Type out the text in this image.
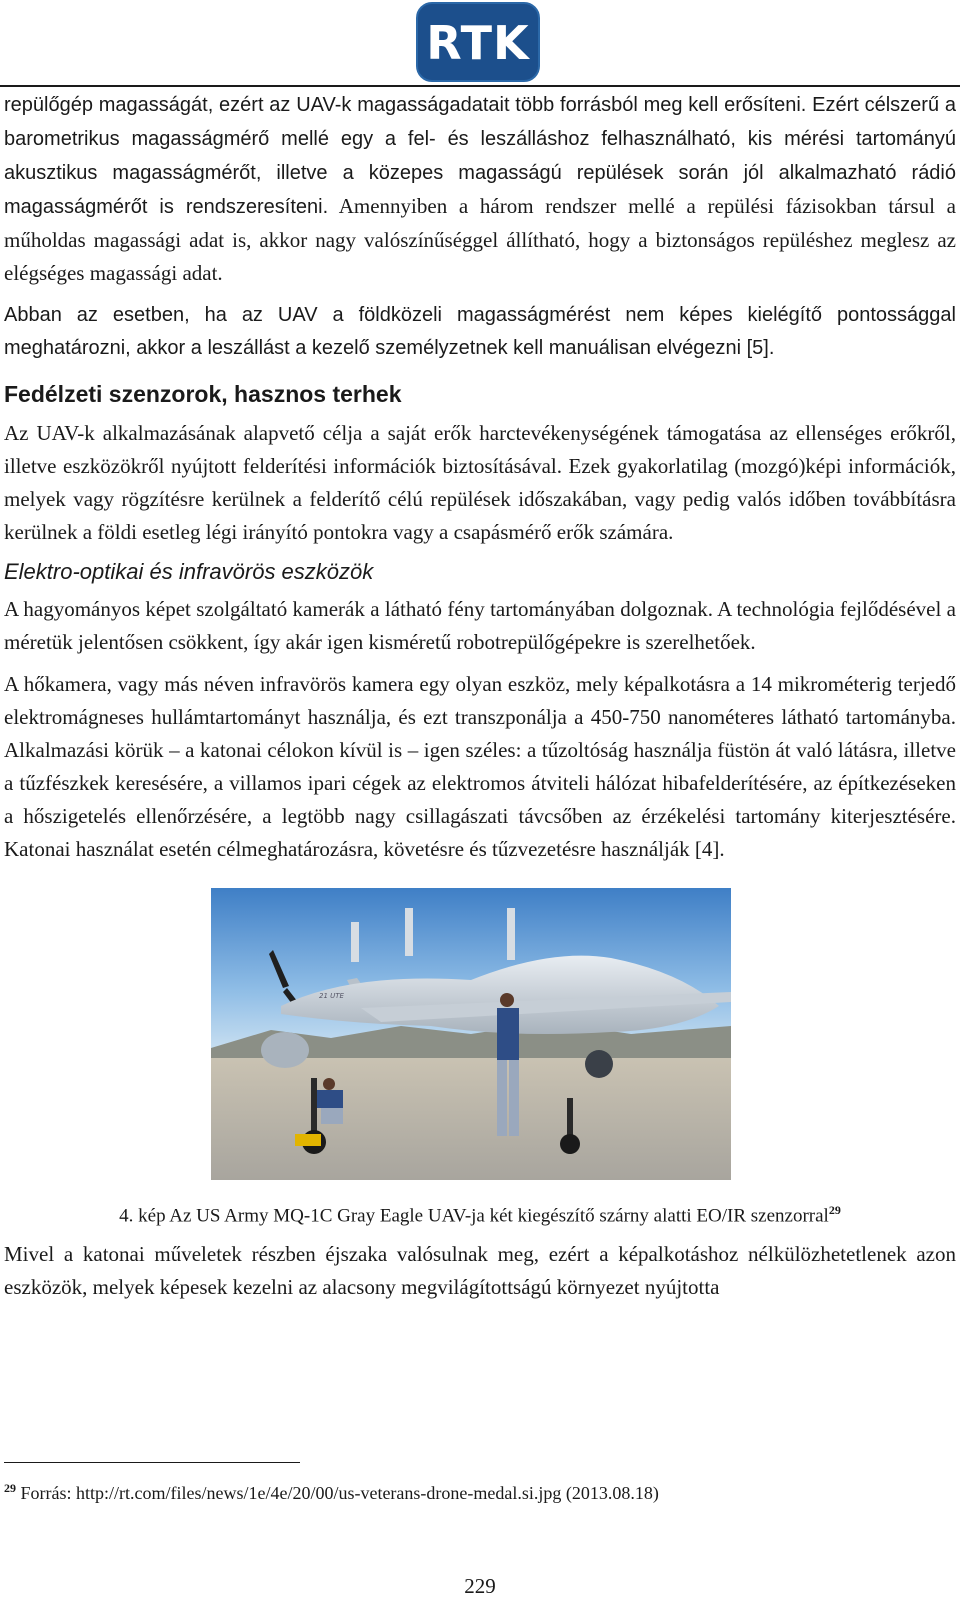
RTK

repülőgép magasságát, ezért az UAV-k magasságadatait több forrásból meg kell erősíteni. Ezért célszerű a barometrikus magasságmérő mellé egy a fel- és leszálláshoz felhasználható, kis mérési tartományú akusztikus magasságmérőt, illetve a közepes magasságú repülések során jól alkalmazható rádió magasságmérőt is rendszeresíteni. Amennyiben a három rendszer mellé a repülési fázisokban társul a műholdas magassági adat is, akkor nagy valószínűséggel állítható, hogy a biztonságos repüléshez meglesz az elégséges magassági adat.

Abban az esetben, ha az UAV a földközeli magasságmérést nem képes kielégítő pontossággal meghatározni, akkor a leszállást a kezelő személyzetnek kell manuálisan elvégezni [5].

Fedélzeti szenzorok, hasznos terhek

Az UAV-k alkalmazásának alapvető célja a saját erők harctevékenységének támogatása az ellenséges erőkről, illetve eszközökről nyújtott felderítési információk biztosításával. Ezek gyakorlatilag (mozgó)képi információk, melyek vagy rögzítésre kerülnek a felderítő célú repülések időszakában, vagy pedig valós időben továbbításra kerülnek a földi esetleg légi irányító pontokra vagy a csapásmérő erők számára.

Elektro-optikai és infravörös eszközök

A hagyományos képet szolgáltató kamerák a látható fény tartományában dolgoznak. A technológia fejlődésével a méretük jelentősen csökkent, így akár igen kisméretű robotrepülőgépekre is szerelhetőek.

A hőkamera, vagy más néven infravörös kamera egy olyan eszköz, mely képalkotásra a 14 mikrométerig terjedő elektromágneses hullámtartományt használja, és ezt transzponálja a 450-750 nanométeres látható tartományba. Alkalmazási körük – a katonai célokon kívül is – igen széles: a tűzoltóság használja füstön át való látásra, illetve a tűzfészkek keresésére, a villamos ipari cégek az elektromos átviteli hálózat hibafelderítésére, az építkezéseken a hőszigetelés ellenőrzésére, a legtöbb nagy csillagászati távcsőben az érzékelési tartomány kiterjesztésére. Katonai használat esetén célmeghatározásra, követésre és tűzvezetésre használják [4].

21 UTE
4. kép Az US Army MQ-1C Gray Eagle UAV-ja két kiegészítő szárny alatti EO/IR szenzorral$^{29}$

Mivel a katonai műveletek részben éjszaka valósulnak meg, ezért a képalkotáshoz nélkülözhetetlenek azon eszközök, melyek képesek kezelni az alacsony megvilágítottságú környezet nyújtotta

$^{29}$ Forrás: http://rt.com/files/news/1e/4e/20/00/us-veterans-drone-medal.si.jpg (2013.08.18)
229
